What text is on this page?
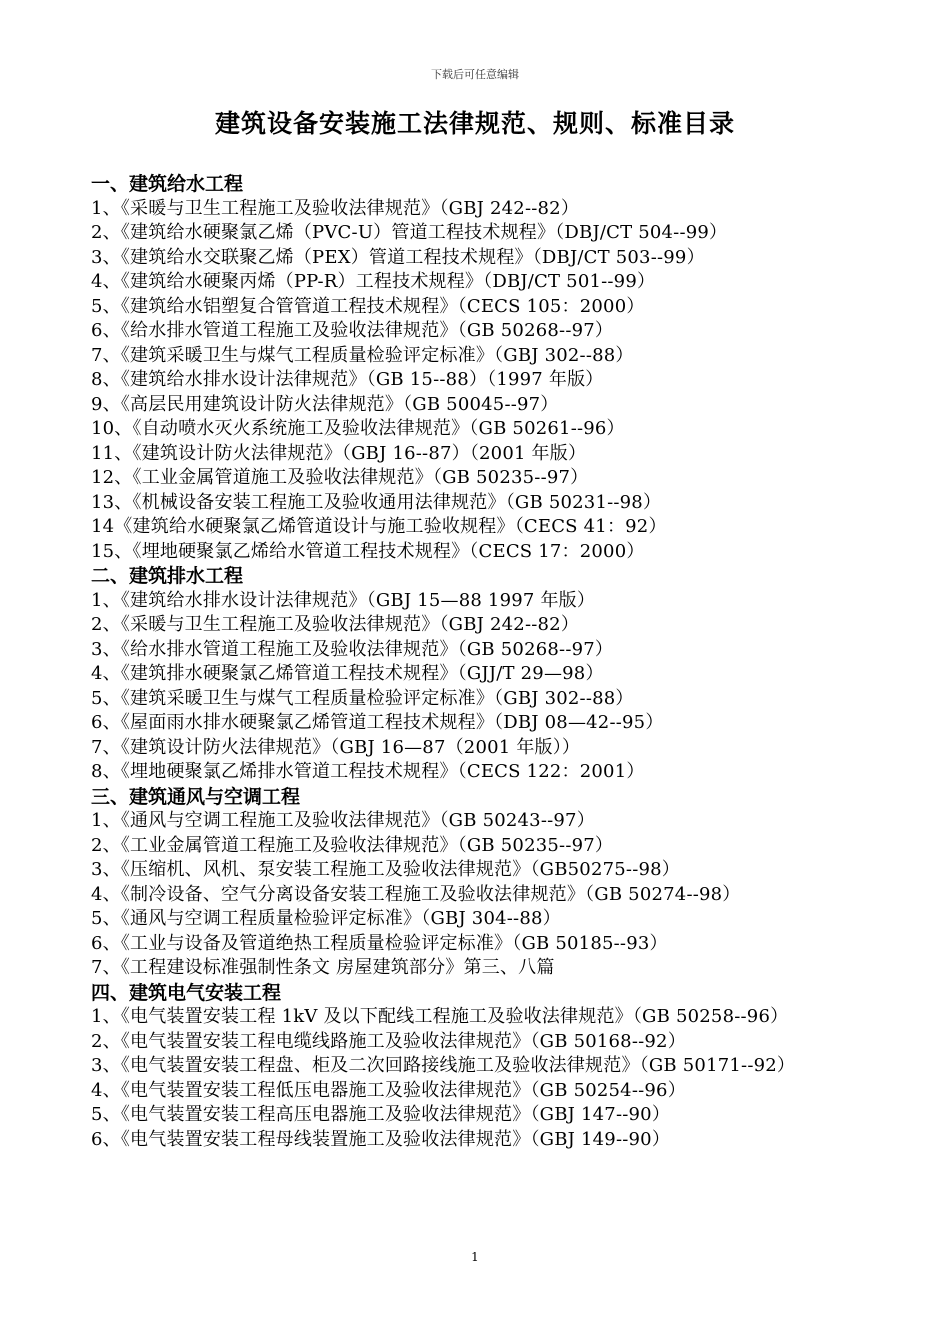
下载后可任意编辑
建筑设备安装施工法律规范、规则、标准目录
一、建筑给水工程
1、《采暖与卫生工程施工及验收法律规范》（GBJ 242--82）
2、《建筑给水硬聚氯乙烯（PVC-U）管道工程技术规程》（DBJ/CT 504--99）
3、《建筑给水交联聚乙烯（PEX）管道工程技术规程》（DBJ/CT 503--99）
4、《建筑给水硬聚丙烯（PP-R）工程技术规程》（DBJ/CT 501--99）
5、《建筑给水铝塑复合管管道工程技术规程》（CECS 105：2000）
6、《给水排水管道工程施工及验收法律规范》（GB 50268--97）
7、《建筑采暖卫生与煤气工程质量检验评定标准》（GBJ 302--88）
8、《建筑给水排水设计法律规范》（GB 15--88）（1997 年版）
9、《高层民用建筑设计防火法律规范》（GB 50045--97）
10、《自动喷水灭火系统施工及验收法律规范》（GB 50261--96）
11、《建筑设计防火法律规范》（GBJ 16--87）（2001 年版）
12、《工业金属管道施工及验收法律规范》（GB 50235--97）
13、《机械设备安装工程施工及验收通用法律规范》（GB 50231--98）
14《建筑给水硬聚氯乙烯管道设计与施工验收规程》（CECS 41：92）
15、《埋地硬聚氯乙烯给水管道工程技术规程》（CECS 17：2000）
二、建筑排水工程
1、《建筑给水排水设计法律规范》（GBJ 15—88 1997 年版）
2、《采暖与卫生工程施工及验收法律规范》（GBJ 242--82）
3、《给水排水管道工程施工及验收法律规范》（GB 50268--97）
4、《建筑排水硬聚氯乙烯管道工程技术规程》（GJJ/T 29—98）
5、《建筑采暖卫生与煤气工程质量检验评定标准》（GBJ 302--88）
6、《屋面雨水排水硬聚氯乙烯管道工程技术规程》（DBJ 08—42--95）
7、《建筑设计防火法律规范》（GBJ 16—87（2001 年版））
8、《埋地硬聚氯乙烯排水管道工程技术规程》（CECS 122：2001）
三、建筑通风与空调工程
1、《通风与空调工程施工及验收法律规范》（GB 50243--97）
2、《工业金属管道工程施工及验收法律规范》（GB 50235--97）
3、《压缩机、风机、泵安装工程施工及验收法律规范》（GB50275--98）
4、《制冷设备、空气分离设备安装工程施工及验收法律规范》（GB 50274--98）
5、《通风与空调工程质量检验评定标准》（GBJ 304--88）
6、《工业与设备及管道绝热工程质量检验评定标准》（GB 50185--93）
7、《工程建设标准强制性条文 房屋建筑部分》第三、八篇
四、建筑电气安装工程
1、《电气装置安装工程 1kV 及以下配线工程施工及验收法律规范》（GB 50258--96）
2、《电气装置安装工程电缆线路施工及验收法律规范》（GB 50168--92）
3、《电气装置安装工程盘、柜及二次回路接线施工及验收法律规范》（GB 50171--92）
4、《电气装置安装工程低压电器施工及验收法律规范》（GB 50254--96）
5、《电气装置安装工程高压电器施工及验收法律规范》（GBJ 147--90）
6、《电气装置安装工程母线装置施工及验收法律规范》（GBJ 149--90）
1
